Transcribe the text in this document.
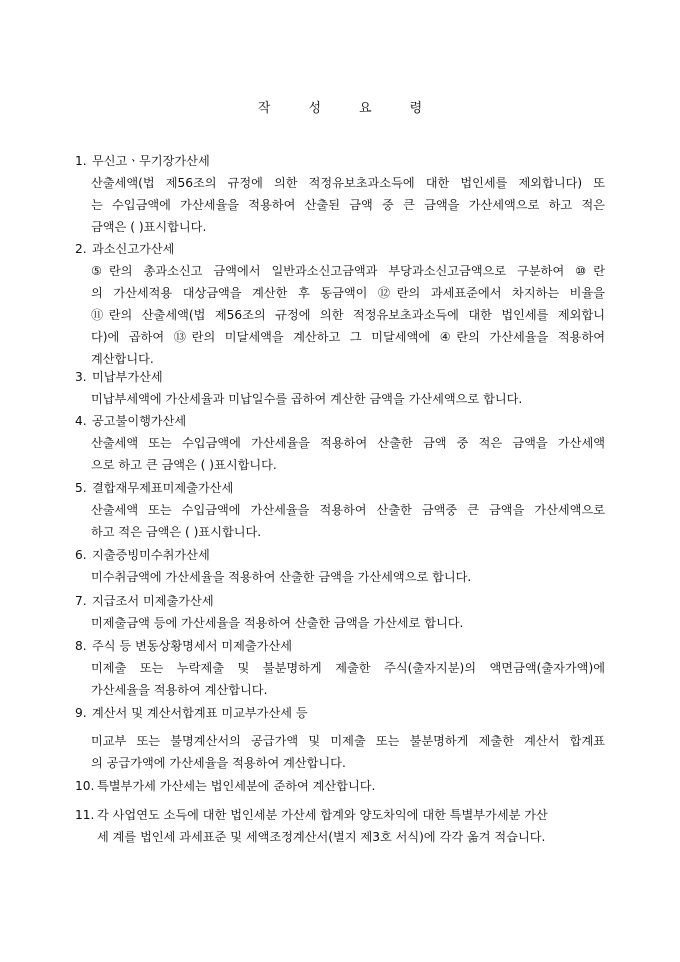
작	성	요	령
1. 무신고ㆍ무기장가산세
산출세액(법 제56조의 규정에 의한 적정유보초과소득에 대한 법인세를 제외합니다) 또
는 수입금액에 가산세율을 적용하여 산출된 금액 중 큰 금액을 가산세액으로 하고 적은
금액은 ( )표시합니다.
2. 과소신고가산세
⑤란의 총과소신고 금액에서 일반과소신고금액과 부당과소신고금액으로 구분하여 ⑩란
의 가산세적용 대상금액을 계산한 후 동금액이 ⑫란의 과세표준에서 차지하는 비율을
⑪란의 산출세액(법 제56조의 규정에 의한 적정유보초과소득에 대한 법인세를 제외합니
다)에 곱하여 ⑬란의 미달세액을 계산하고 그 미달세액에 ④란의 가산세율을 적용하여
계산합니다.
3. 미납부가산세
미납부세액에 가산세율과 미납일수를 곱하여 계산한 금액을 가산세액으로 합니다.
4. 공고불이행가산세
산출세액 또는 수입금액에 가산세율을 적용하여 산출한 금액 중 적은 금액을 가산세액
으로 하고 큰 금액은 ( )표시합니다.
5. 결합재무제표미제출가산세
산출세액 또는 수입금액에 가산세율을 적용하여 산출한 금액중 큰 금액을 가산세액으로
하고 적은 금액은 ( )표시합니다.
6. 지출증빙미수취가산세
미수취금액에 가산세율을 적용하여 산출한 금액을 가산세액으로 합니다.
7. 지급조서 미제출가산세
미제출금액 등에 가산세율을 적용하여 산출한 금액을 가산세로 합니다.
8. 주식 등 변동상황명세서 미제출가산세
미제출 또는 누락제출 및 불분명하게 제출한 주식(출자지분)의 액면금액(출자가액)에
가산세율을 적용하여 계산합니다.
9. 계산서 및 계산서합계표 미교부가산세 등
미교부 또는 불명계산서의 공급가액 및 미제출 또는 불분명하게 제출한 계산서 합계표
의 공급가액에 가산세율을 적용하여 계산합니다.
10. 특별부가세 가산세는 법인세분에 준하여 계산합니다.
11. 각 사업연도 소득에 대한 법인세분 가산세 합계와 양도차익에 대한 특별부가세분 가산
세 계를 법인세 과세표준 및 세액조정계산서(별지 제3호 서식)에 각각 옮겨 적습니다.
